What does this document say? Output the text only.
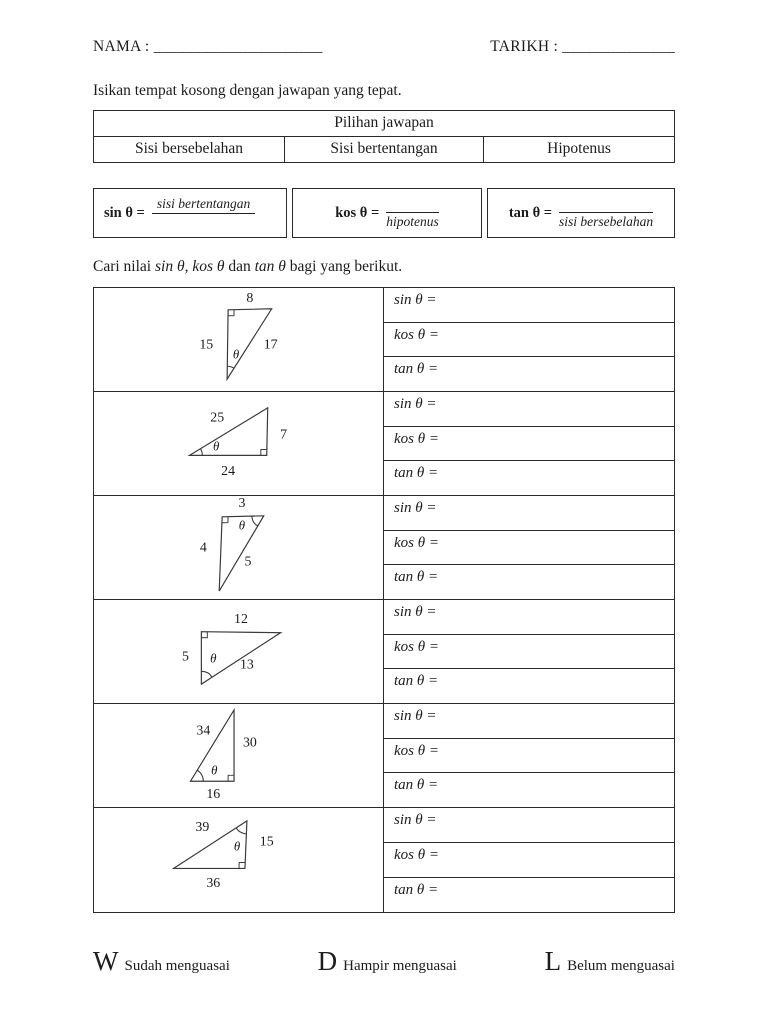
NAMA : _____________________	TARIKH : ______________
Isikan tempat kosong dengan jawapan yang tepat.
Pilihan jawapan
Sisi bersebelahan	Sisi bertentangan	Hipotenus
sin θ =
sisi bertentangan
kos θ =
hipotenus
tan θ =
sisi bersebelahan
Cari nilai sin θ, kos θ dan tan θ bagi yang berikut.
8
15	17
θ
sin θ =
kos θ =
tan θ =
25
7
24
θ
sin θ =
kos θ =
tan θ =
3
4
5
θ
sin θ =
kos θ =
tan θ =
12
5
13
θ
sin θ =
kos θ =
tan θ =
34
30
16
θ
sin θ =
kos θ =
tan θ =
39
15
36
θ
sin θ =
kos θ =
tan θ =
W Sudah menguasai	D Hampir menguasai	L Belum menguasai
